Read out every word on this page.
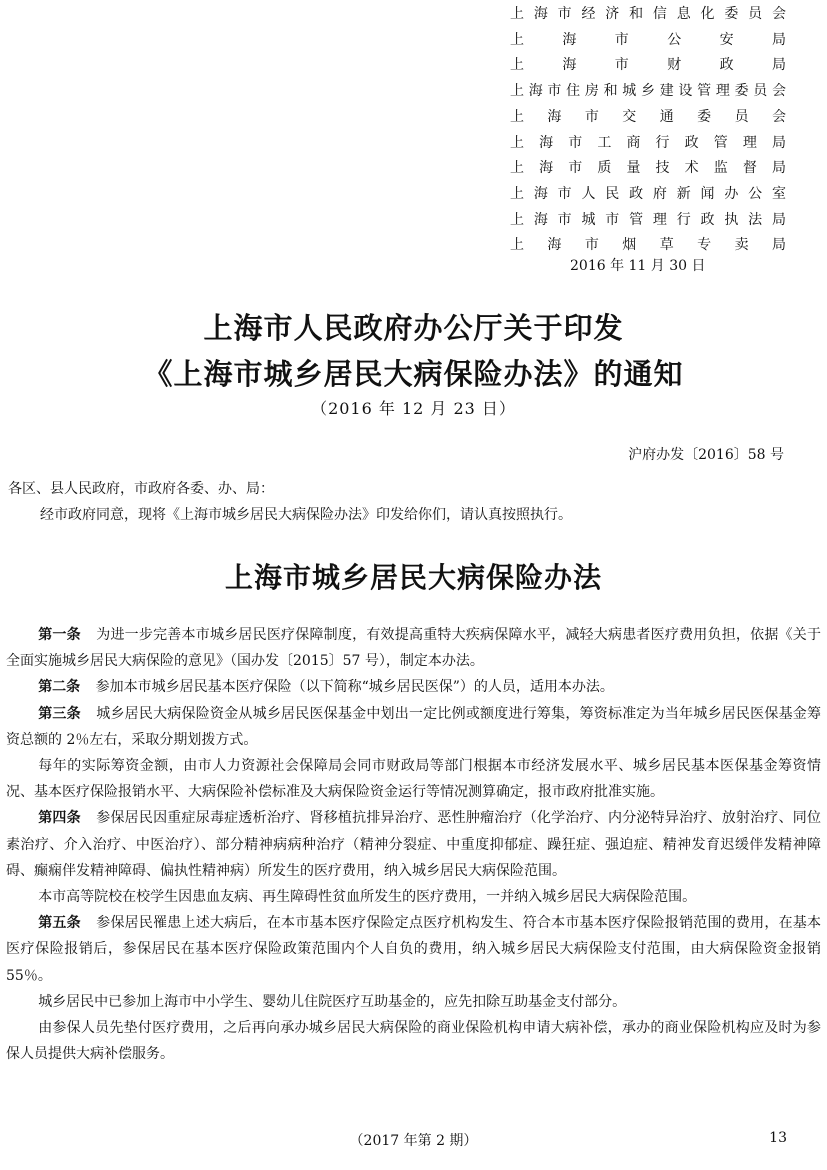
上海市经济和信息化委员会
上海市公安局
上海市财政局
上海市住房和城乡建设管理委员会
上海市交通委员会
上海市工商行政管理局
上海市质量技术监督局
上海市人民政府新闻办公室
上海市城市管理行政执法局
上海市烟草专卖局
2016 年 11 月 30 日
上海市人民政府办公厅关于印发
《上海市城乡居民大病保险办法》的通知
（2016 年 12 月 23 日）
沪府办发〔2016〕58 号
各区、县人民政府，市政府各委、办、局：
经市政府同意，现将《上海市城乡居民大病保险办法》印发给你们，请认真按照执行。
上海市城乡居民大病保险办法

第一条 为进一步完善本市城乡居民医疗保障制度，有效提高重特大疾病保障水平，减轻大病患者医疗费用负担，依据《关于全面实施城乡居民大病保险的意见》（国办发〔2015〕57 号），制定本办法。

第二条 参加本市城乡居民基本医疗保险（以下简称“城乡居民医保”）的人员，适用本办法。

第三条 城乡居民大病保险资金从城乡居民医保基金中划出一定比例或额度进行筹集，筹资标准定为当年城乡居民医保基金筹资总额的 2％左右，采取分期划拨方式。

每年的实际筹资金额，由市人力资源社会保障局会同市财政局等部门根据本市经济发展水平、城乡居民基本医保基金筹资情况、基本医疗保险报销水平、大病保险补偿标准及大病保险资金运行等情况测算确定，报市政府批准实施。

第四条 参保居民因重症尿毒症透析治疗、肾移植抗排异治疗、恶性肿瘤治疗（化学治疗、内分泌特异治疗、放射治疗、同位素治疗、介入治疗、中医治疗）、部分精神病病种治疗（精神分裂症、中重度抑郁症、躁狂症、强迫症、精神发育迟缓伴发精神障碍、癫痫伴发精神障碍、偏执性精神病）所发生的医疗费用，纳入城乡居民大病保险范围。

本市高等院校在校学生因患血友病、再生障碍性贫血所发生的医疗费用，一并纳入城乡居民大病保险范围。

第五条 参保居民罹患上述大病后，在本市基本医疗保险定点医疗机构发生、符合本市基本医疗保险报销范围的费用，在基本医疗保险报销后，参保居民在基本医疗保险政策范围内个人自负的费用，纳入城乡居民大病保险支付范围，由大病保险资金报销 55％。

城乡居民中已参加上海市中小学生、婴幼儿住院医疗互助基金的，应先扣除互助基金支付部分。

由参保人员先垫付医疗费用，之后再向承办城乡居民大病保险的商业保险机构申请大病补偿，承办的商业保险机构应及时为参保人员提供大病补偿服务。

（2017 年第 2 期）	13
